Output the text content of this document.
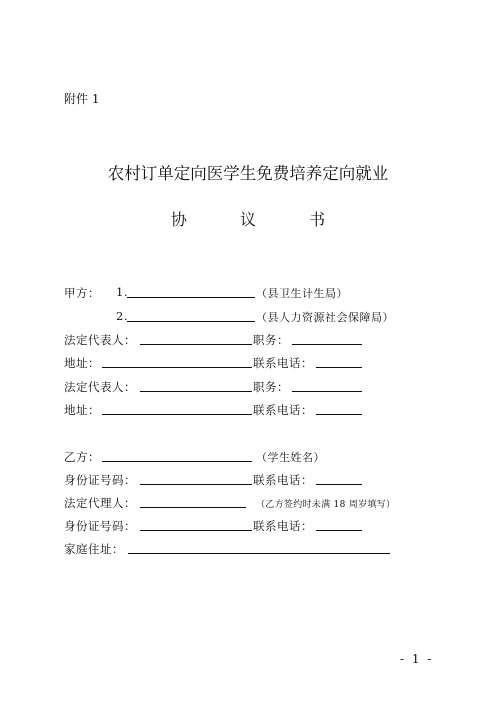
附件 1
农村订单定向医学生免费培养定向就业
协	议	书
甲方： 1.	（县卫生计生局）
2.	（县人力资源社会保障局）
法定代表人：	职务：
地址：	联系电话：
法定代表人：	职务：
地址：	联系电话：
乙方：	（学生姓名）
身份证号码：	联系电话：
法定代理人：	（乙方签约时未满 18 周岁填写）
身份证号码：	联系电话：
家庭住址：
- 1 -
